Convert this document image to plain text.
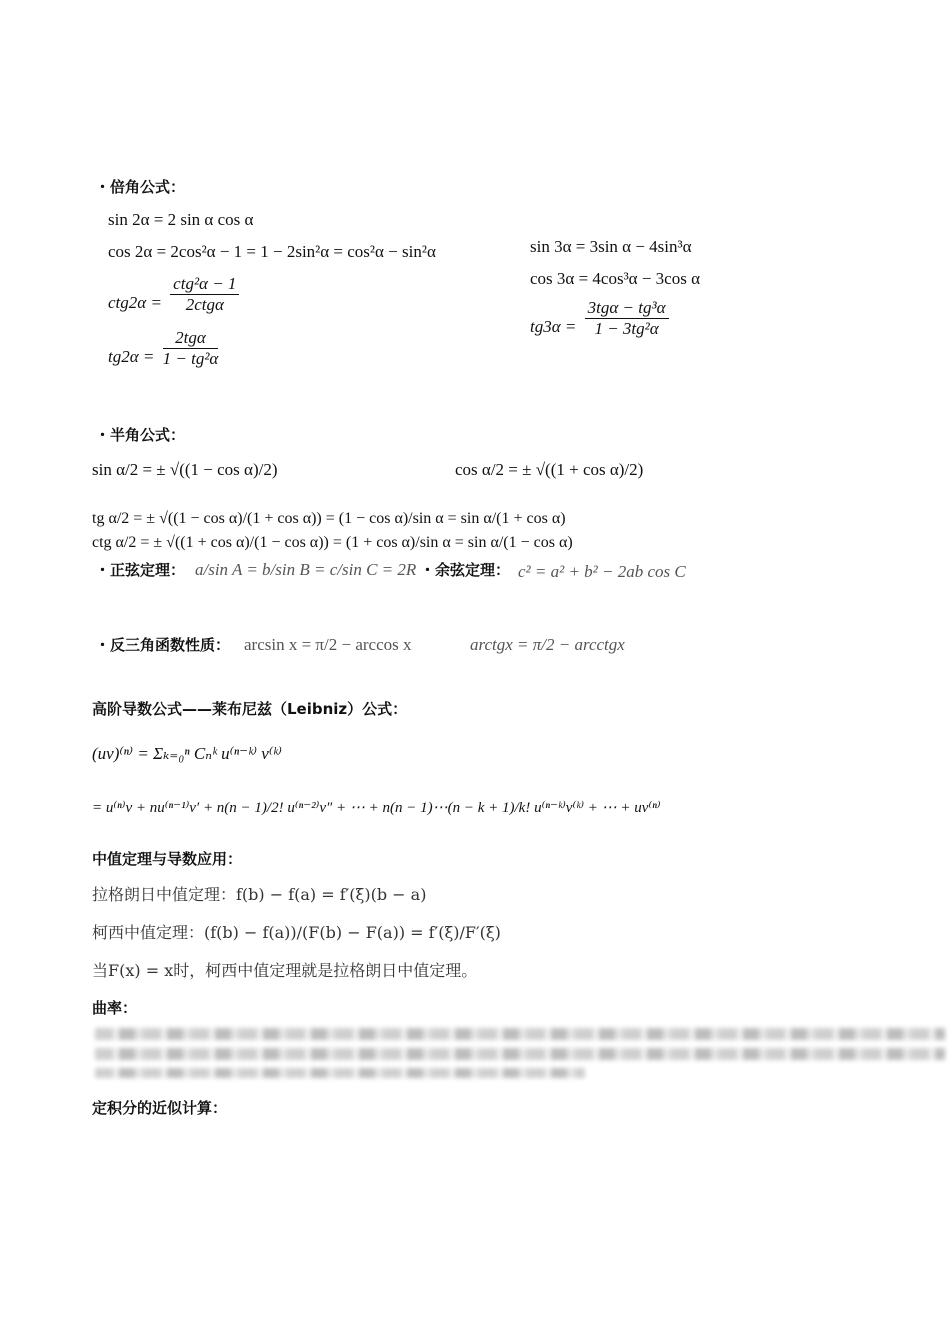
・倍角公式：
・半角公式：
・正弦定理：	・余弦定理：
・反三角函数性质：
高阶导数公式——莱布尼兹（Leibniz）公式：
中值定理与导数应用：
曲率：
定积分的近似计算：
sin 2α = 2 sin α cos α
cos 2α = 2cos²α − 1 = 1 − 2sin²α = cos²α − sin²α
ctg2α =
ctg²α − 1
2ctgα
tg2α =
2tgα
1 − tg²α
sin 3α = 3sin α − 4sin³α
cos 3α = 4cos³α − 3cos α
tg3α =
3tgα − tg³α
1 − 3tg²α
sin α/2 = ± √((1 − cos α)/2)	cos α/2 = ± √((1 + cos α)/2)
tg α/2 = ± √((1 − cos α)/(1 + cos α)) = (1 − cos α)/sin α = sin α/(1 + cos α)
ctg α/2 = ± √((1 + cos α)/(1 − cos α)) = (1 + cos α)/sin α = sin α/(1 − cos α)
a/sin A = b/sin B = c/sin C = 2R	c² = a² + b² − 2ab cos C
arcsin x = π/2 − arccos x	arctgx = π/2 − arcctgx
(uv)⁽ⁿ⁾ = Σₖ₌₀ⁿ Cₙᵏ u⁽ⁿ⁻ᵏ⁾ v⁽ᵏ⁾
= u⁽ⁿ⁾v + nu⁽ⁿ⁻¹⁾v′ + n(n − 1)/2! u⁽ⁿ⁻²⁾v″ + ⋯ + n(n − 1)⋯(n − k + 1)/k! u⁽ⁿ⁻ᵏ⁾v⁽ᵏ⁾ + ⋯ + uv⁽ⁿ⁾
拉格朗日中值定理：f(b) − f(a) = f′(ξ)(b − a)
柯西中值定理：(f(b) − f(a))/(F(b) − F(a)) = f′(ξ)/F′(ξ)
当F(x) = x时，柯西中值定理就是拉格朗日中值定理。
